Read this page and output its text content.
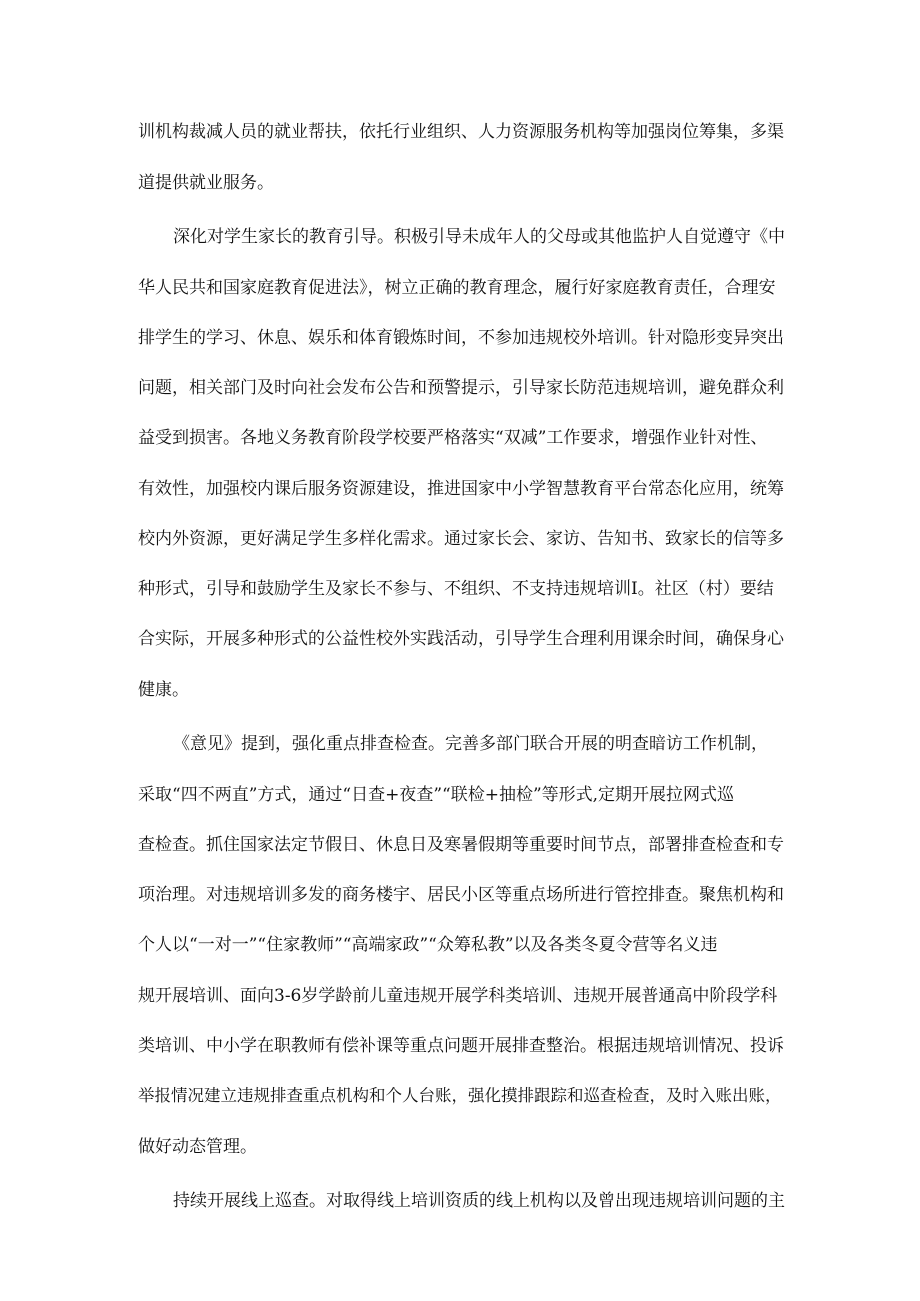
训机构裁减人员的就业帮扶，依托行业组织、人力资源服务机构等加强岗位筹集，多渠
道提供就业服务。
深化对学生家长的教育引导。积极引导未成年人的父母或其他监护人自觉遵守《中
华人民共和国家庭教育促进法》，树立正确的教育理念，履行好家庭教育责任，合理安
排学生的学习、休息、娱乐和体育锻炼时间，不参加违规校外培训。针对隐形变异突出
问题，相关部门及时向社会发布公告和预警提示，引导家长防范违规培训，避免群众利
益受到损害。各地义务教育阶段学校要严格落实“双减”工作要求，增强作业针对性、
有效性，加强校内课后服务资源建设，推进国家中小学智慧教育平台常态化应用，统筹
校内外资源，更好满足学生多样化需求。通过家长会、家访、告知书、致家长的信等多
种形式，引导和鼓励学生及家长不参与、不组织、不支持违规培训Ⅰ。社区（村）要结
合实际，开展多种形式的公益性校外实践活动，引导学生合理利用课余时间，确保身心
健康。
《意见》提到，强化重点排查检查。完善多部门联合开展的明查暗访工作机制，
采取“四不两直”方式，通过“日查+夜查”“联检+抽检”等形式,定期开展拉网式巡
查检查。抓住国家法定节假日、休息日及寒暑假期等重要时间节点，部署排查检查和专
项治理。对违规培训多发的商务楼宇、居民小区等重点场所进行管控排查。聚焦机构和
个人以“一对一”“住家教师”“高端家政”“众筹私教”以及各类冬夏令营等名义违
规开展培训、面向3-6岁学龄前儿童违规开展学科类培训、违规开展普通高中阶段学科
类培训、中小学在职教师有偿补课等重点问题开展排查整治。根据违规培训情况、投诉
举报情况建立违规排查重点机构和个人台账，强化摸排跟踪和巡查检查，及时入账出账，
做好动态管理。
持续开展线上巡查。对取得线上培训资质的线上机构以及曾出现违规培训问题的主
